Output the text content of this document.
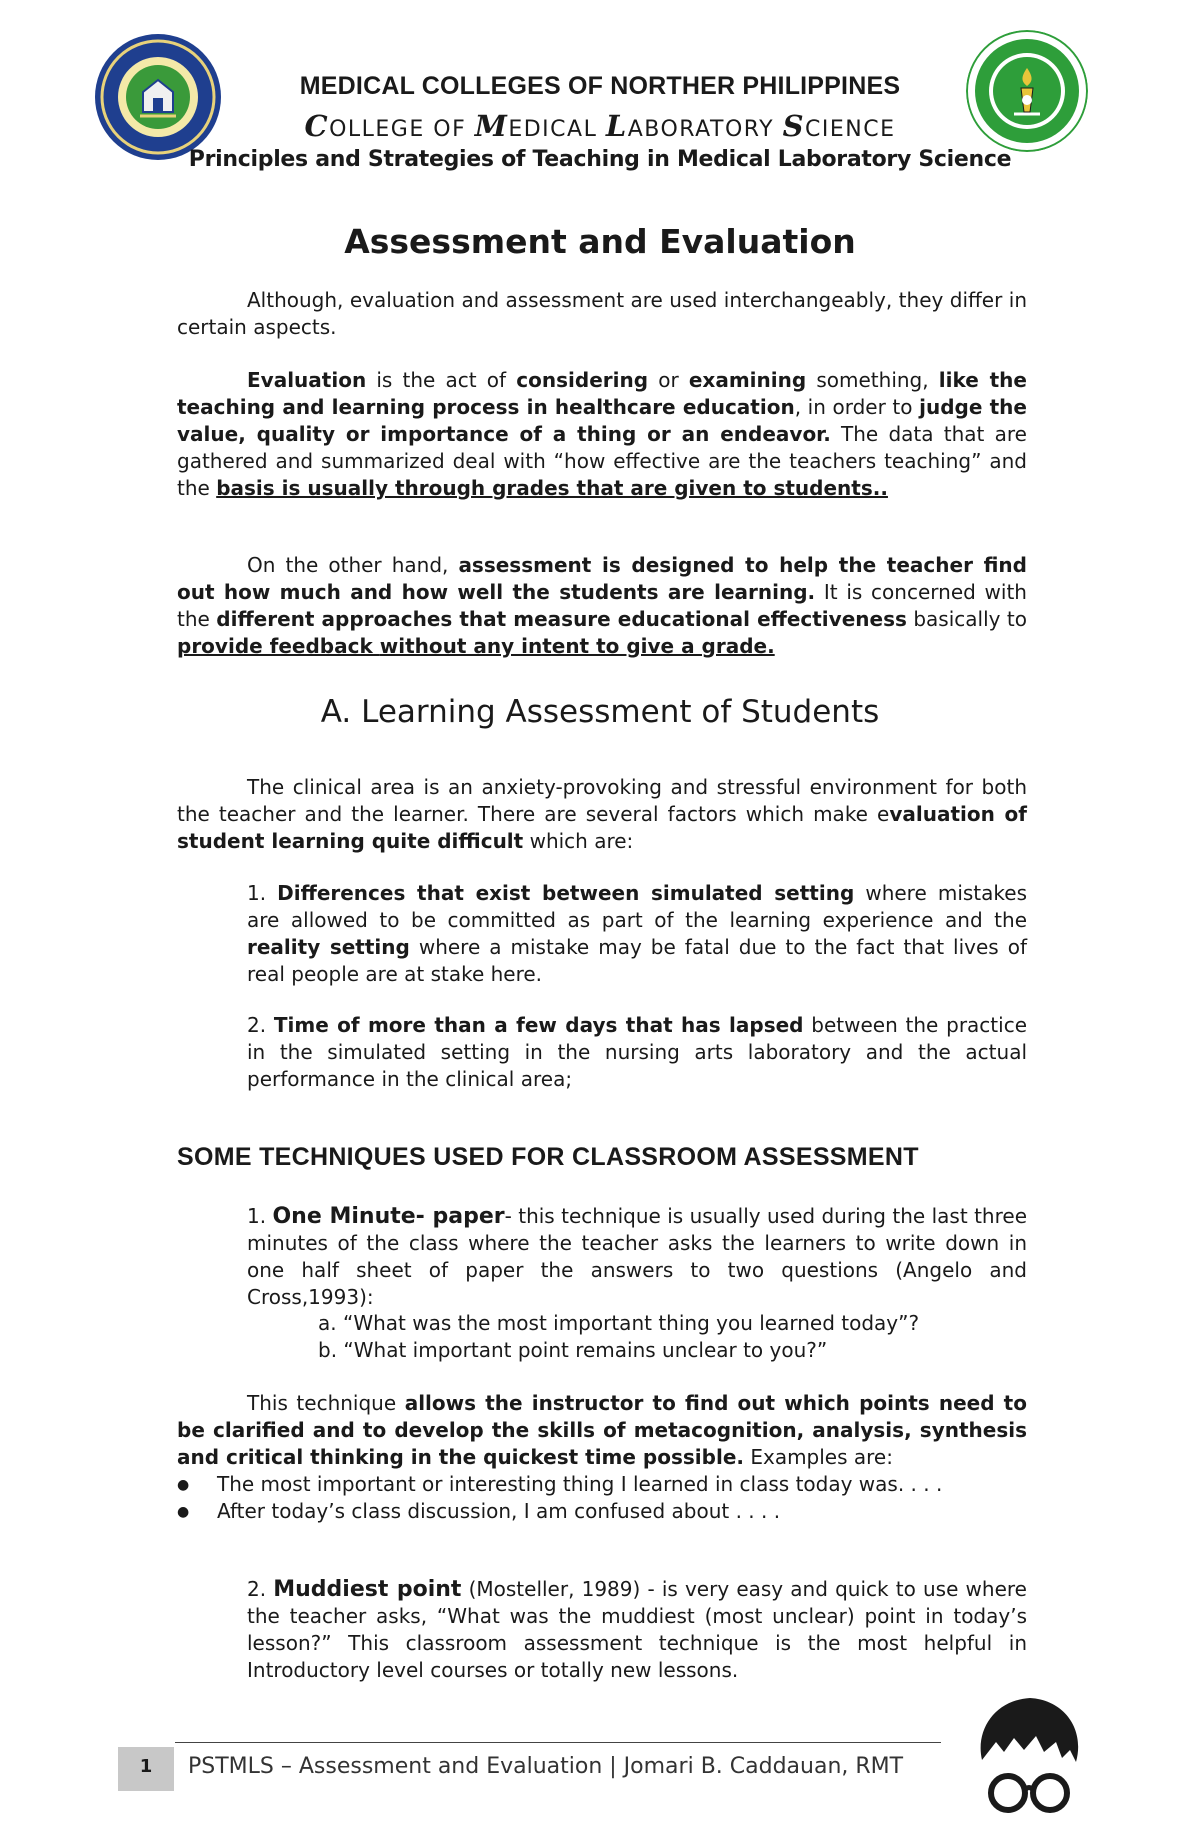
MEDICAL COLLEGES OF NORTHER PHILIPPINES
COLLEGE OF MEDICAL LABORATORY SCIENCE
Principles and Strategies of Teaching in Medical Laboratory Science
Assessment and Evaluation

Although, evaluation and assessment are used interchangeably, they differ in certain aspects.

Evaluation is the act of considering or examining something, like the teaching and learning process in healthcare education, in order to judge the value, quality or importance of a thing or an endeavor. The data that are gathered and summarized deal with “how effective are the teachers teaching” and the basis is usually through grades that are given to students..

On the other hand, assessment is designed to help the teacher find out how much and how well the students are learning. It is concerned with the different approaches that measure educational effectiveness basically to provide feedback without any intent to give a grade.

A. Learning Assessment of Students

The clinical area is an anxiety-provoking and stressful environment for both the teacher and the learner. There are several factors which make evaluation of student learning quite difficult which are:

1. Differences that exist between simulated setting where mistakes are allowed to be committed as part of the learning experience and the reality setting where a mistake may be fatal due to the fact that lives of real people are at stake here.

2. Time of more than a few days that has lapsed between the practice in the simulated setting in the nursing arts laboratory and the actual performance in the clinical area;

SOME TECHNIQUES USED FOR CLASSROOM ASSESSMENT

1. One Minute- paper- this technique is usually used during the last three minutes of the class where the teacher asks the learners to write down in one half sheet of paper the answers to two questions (Angelo and Cross,1993):

a. “What was the most important thing you learned today”?
b. “What important point remains unclear to you?”

This technique allows the instructor to find out which points need to be clarified and to develop the skills of metacognition, analysis, synthesis and critical thinking in the quickest time possible. Examples are:

● The most important or interesting thing I learned in class today was. . . .
● After today’s class discussion, I am confused about . . . .

2. Muddiest point (Mosteller, 1989) - is very easy and quick to use where the teacher asks, “What was the muddiest (most unclear) point in today’s lesson?” This classroom assessment technique is the most helpful in Introductory level courses or totally new lessons.

1	PSTMLS – Assessment and Evaluation | Jomari B. Caddauan, RMT
